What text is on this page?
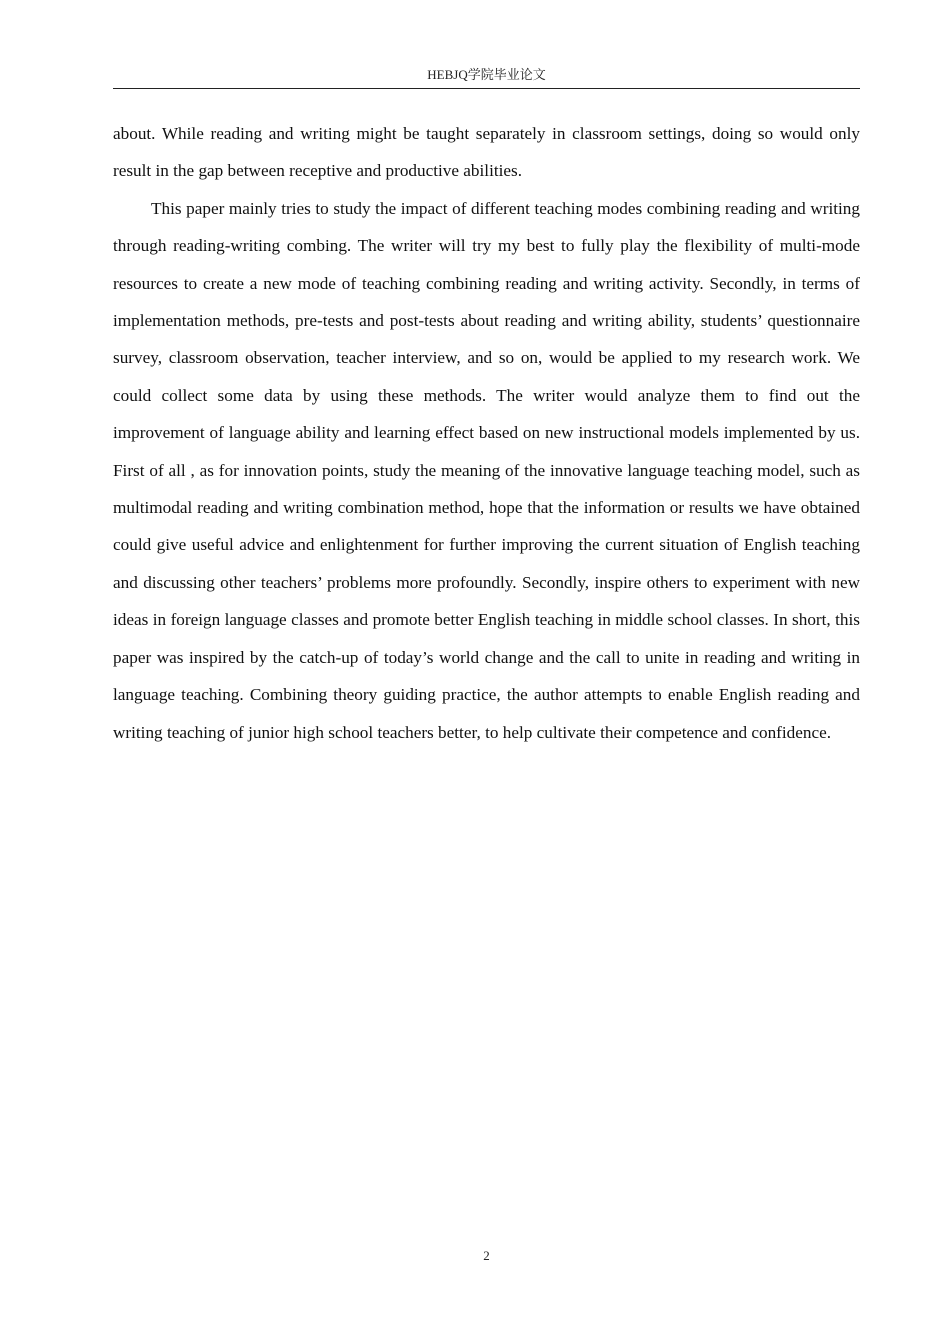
HEBJQ学院毕业论文

about. While reading and writing might be taught separately in classroom settings, doing so would only result in the gap between receptive and productive abilities.

This paper mainly tries to study the impact of different teaching modes combining reading and writing through reading-writing combing. The writer will try my best to fully play the flexibility of multi-mode resources to create a new mode of teaching combining reading and writing activity. Secondly, in terms of implementation methods, pre-tests and post-tests about reading and writing ability, students’ questionnaire survey, classroom observation, teacher interview, and so on, would be applied to my research work. We could collect some data by using these methods. The writer would analyze them to find out the improvement of language ability and learning effect based on new instructional models implemented by us. First of all , as for innovation points, study the meaning of the innovative language teaching model, such as multimodal reading and writing combination method, hope that the information or results we have obtained could give useful advice and enlightenment for further improving the current situation of English teaching and discussing other teachers’ problems more profoundly. Secondly, inspire others to experiment with new ideas in foreign language classes and promote better English teaching in middle school classes. In short, this paper was inspired by the catch-up of today’s world change and the call to unite in reading and writing in language teaching. Combining theory guiding practice, the author attempts to enable English reading and writing teaching of junior high school teachers better, to help cultivate their competence and confidence.

2
